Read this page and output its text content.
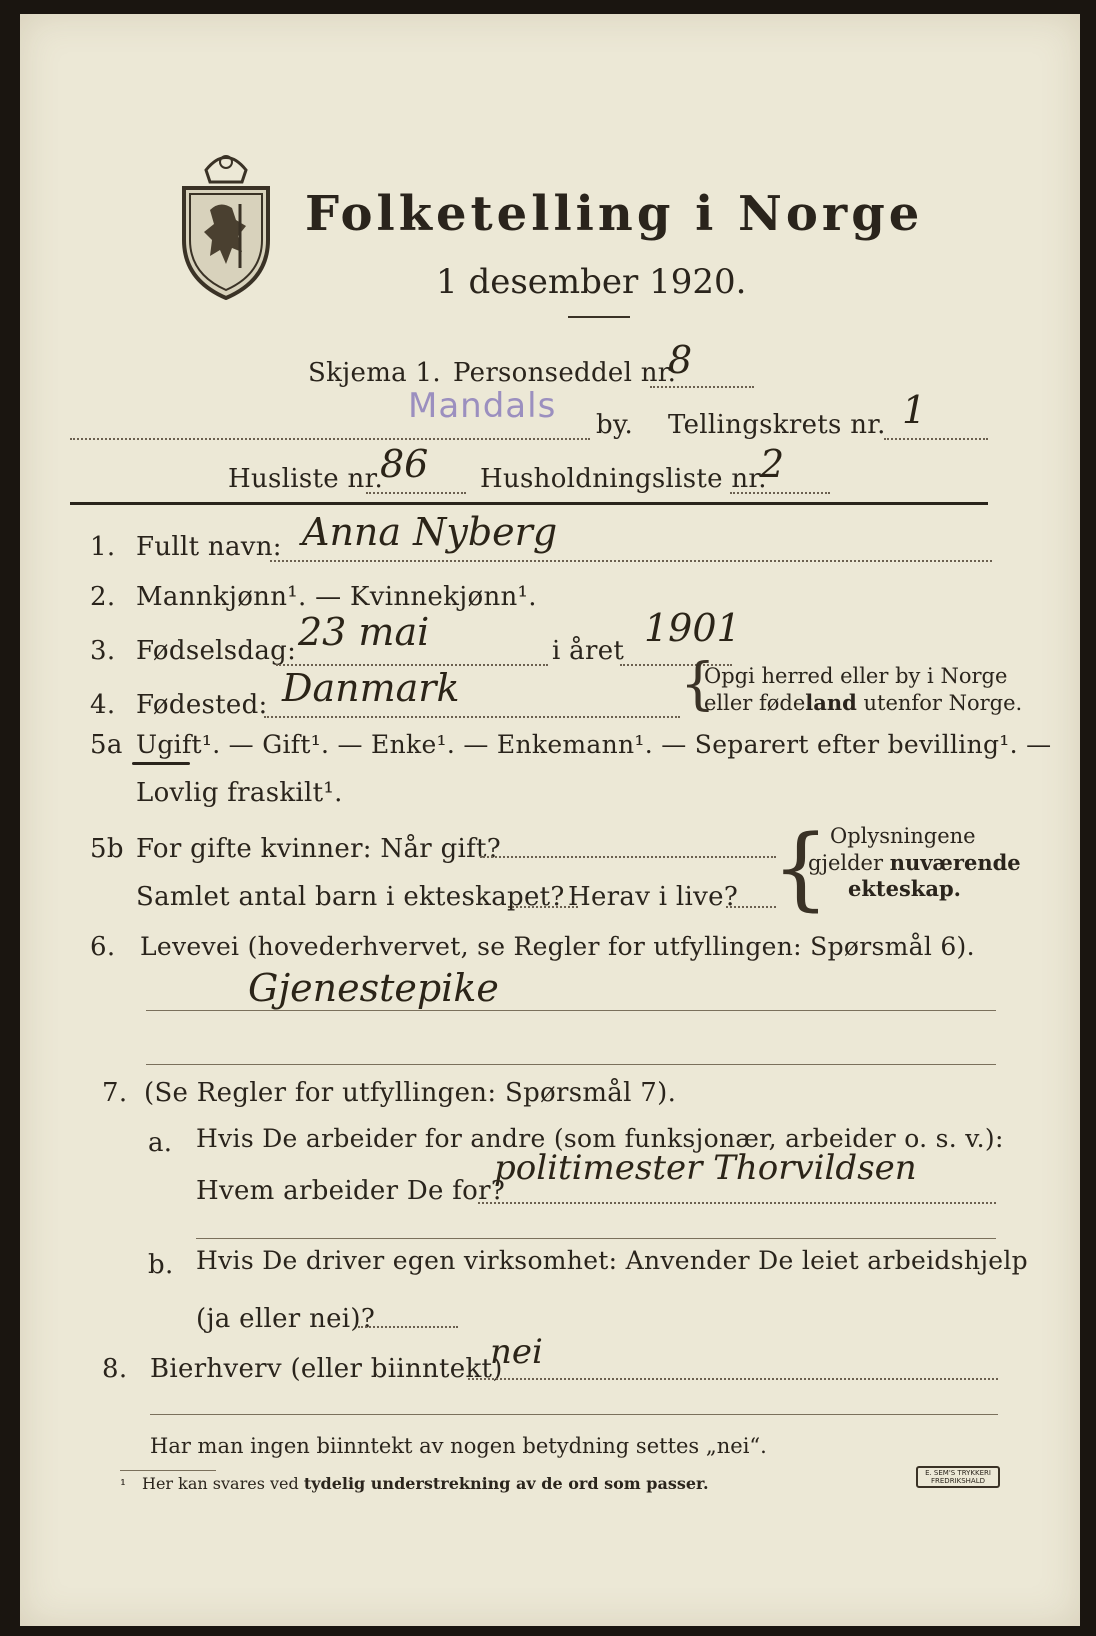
Folketelling i Norge
1 desember 1920.
Skjema 1. Personseddel nr.
8
Mandals by. Tellingskrets nr. 1
Husliste nr.
86 Husholdningsliste nr.
2
1. Fullt navn: Anna Nyberg
2. Mannkjønn¹. — Kvinnekjønn¹.
3. Fødselsdag: 23 mai	i året
1901
4. Fødested: Danmark	{
Opgi herred eller by i Norge
eller fødeland utenfor Norge.
5a Ugift¹. — Gift¹. — Enke¹. — Enkemann¹. — Separert efter bevilling¹. —
Lovlig fraskilt¹.
5b For gifte kvinner: Når gift?
Samlet antal barn i ekteskapet? Herav i live? { Oplysningene
gjelder nuværende
ekteskap.
6. Levevei (hovederhvervet, se Regler for utfyllingen: Spørsmål 6).
Gjenestepike
7. (Se Regler for utfyllingen: Spørsmål 7).
a. Hvis De arbeider for andre (som funksjonær, arbeider o. s. v.):
Hvem arbeider De for?
politimester Thorvildsen
b. Hvis De driver egen virksomhet: Anvender De leiet arbeidshjelp
(ja eller nei)?
8. Bierhverv (eller biinntekt)
nei
Har man ingen biinntekt av nogen betydning settes „nei“.
¹ Her kan svares ved tydelig understrekning av de ord som passer.
E. SEM'S TRYKKERI FREDRIKSHALD
